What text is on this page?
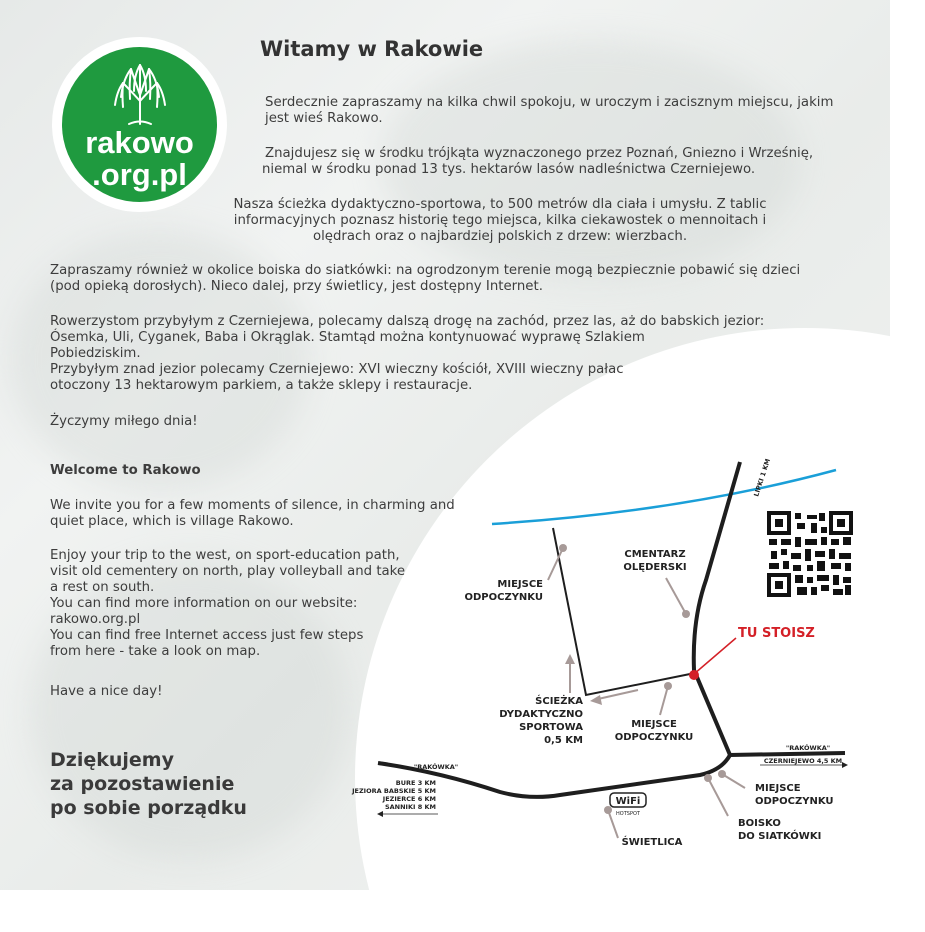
rakowo
.org.pl
Witamy w Rakowie
Serdecznie zapraszamy na kilka chwil spokoju, w uroczym i zacisznym miejscu, jakim
jest wieś Rakowo.
Znajdujesz się w środku trójkąta wyznaczonego przez Poznań, Gniezno i Wrześnię,
niemal w środku ponad 13 tys. hektarów lasów nadleśnictwa Czerniejewo.
Nasza ścieżka dydaktyczno-sportowa, to 500 metrów dla ciała i umysłu. Z tablic
informacyjnych poznasz historię tego miejsca, kilka ciekawostek o mennoitach i
olędrach oraz o najbardziej polskich z drzew: wierzbach.
Zapraszamy również w okolice boiska do siatkówki: na ogrodzonym terenie mogą bezpiecznie pobawić się dzieci
(pod opieką dorosłych). Nieco dalej, przy świetlicy, jest dostępny Internet.
Rowerzystom przybyłym z Czerniejewa, polecamy dalszą drogę na zachód, przez las, aż do babskich jezior:
Ósemka, Uli, Cyganek, Baba i Okrąglak. Stamtąd można kontynuować wyprawę Szlakiem
Pobiedziskim.
Przybyłym znad jezior polecamy Czerniejewo: XVI wieczny kościół, XVIII wieczny pałac
otoczony 13 hektarowym parkiem, a także sklepy i restauracje.
Życzymy miłego dnia!
Welcome to Rakowo
We invite you for a few moments of silence, in charming and
quiet place, which is village Rakowo.
Enjoy your trip to the west, on sport-education path,
visit old cementery on north, play volleyball and take
a rest on south.
You can find more information on our website:
rakowo.org.pl
You can find free Internet access just few steps
from here - take a look on map.
Have a nice day!
Dziękujemy
za pozostawienie
po sobie porządku
LIPKI 1 KM
CMENTARZ OLĘDERSKI
TU STOISZ
MIEJSCE ODPOCZYNKU
ŚCIEŻKA DYDAKTYCZNO SPORTOWA 0,5 KM
MIEJSCE ODPOCZYNKU
"RAKÓWKA"
CZERNIEJEWO 4,5 KM
"RAKÓWKA"
BURE 3 KM JEZIORA BABSKIE 5 KM JEZIERCE 6 KM SANNIKI 8 KM	WiFi
HOTSPOT
ŚWIETLICA
MIEJSCE ODPOCZYNKU
BOISKO DO SIATKÓWKI
